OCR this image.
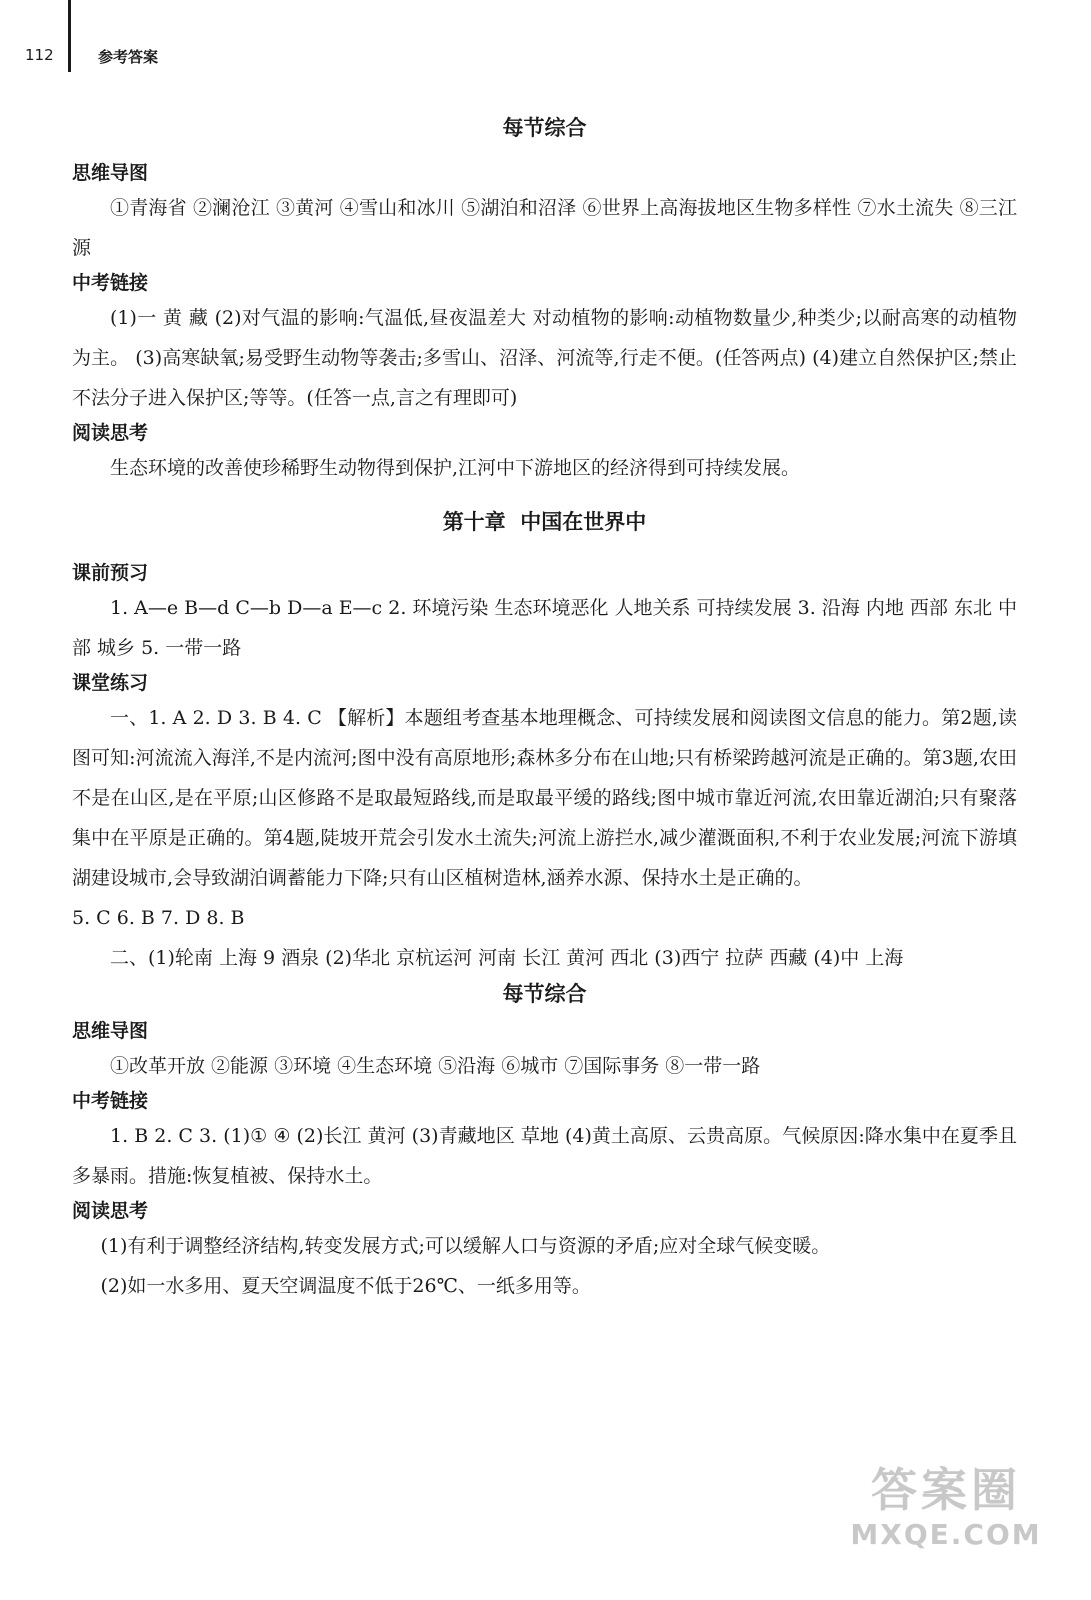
112	参考答案

每节综合

思维导图

①青海省 ②澜沧江 ③黄河 ④雪山和冰川 ⑤湖泊和沼泽 ⑥世界上高海拔地区生物多样性 ⑦水土流失 ⑧三江源

中考链接

(1)一 黄 藏 (2)对气温的影响:气温低,昼夜温差大 对动植物的影响:动植物数量少,种类少;以耐高寒的动植物为主。 (3)高寒缺氧;易受野生动物等袭击;多雪山、沼泽、河流等,行走不便。(任答两点) (4)建立自然保护区;禁止不法分子进入保护区;等等。(任答一点,言之有理即可)

阅读思考

生态环境的改善使珍稀野生动物得到保护,江河中下游地区的经济得到可持续发展。

第十章  中国在世界中

课前预习

1. A—e B—d C—b D—a E—c 2. 环境污染 生态环境恶化 人地关系 可持续发展 3. 沿海 内地 西部 东北 中部 城乡 5. 一带一路

课堂练习

一、1. A 2. D 3. B 4. C 【解析】本题组考查基本地理概念、可持续发展和阅读图文信息的能力。第2题,读图可知:河流流入海洋,不是内流河;图中没有高原地形;森林多分布在山地;只有桥梁跨越河流是正确的。第3题,农田不是在山区,是在平原;山区修路不是取最短路线,而是取最平缓的路线;图中城市靠近河流,农田靠近湖泊;只有聚落集中在平原是正确的。第4题,陡坡开荒会引发水土流失;河流上游拦水,减少灌溉面积,不利于农业发展;河流下游填湖建设城市,会导致湖泊调蓄能力下降;只有山区植树造林,涵养水源、保持水土是正确的。

5. C 6. B 7. D 8. B

二、(1)轮南 上海 9 酒泉 (2)华北 京杭运河 河南 长江 黄河 西北 (3)西宁 拉萨 西藏 (4)中 上海

每节综合

思维导图

①改革开放 ②能源 ③环境 ④生态环境 ⑤沿海 ⑥城市 ⑦国际事务 ⑧一带一路

中考链接

1. B 2. C 3. (1)① ④ (2)长江 黄河 (3)青藏地区 草地 (4)黄土高原、云贵高原。气候原因:降水集中在夏季且多暴雨。措施:恢复植被、保持水土。

阅读思考

(1)有利于调整经济结构,转变发展方式;可以缓解人口与资源的矛盾;应对全球气候变暖。

(2)如一水多用、夏天空调温度不低于26℃、一纸多用等。

答案圈
MXQE.COM
